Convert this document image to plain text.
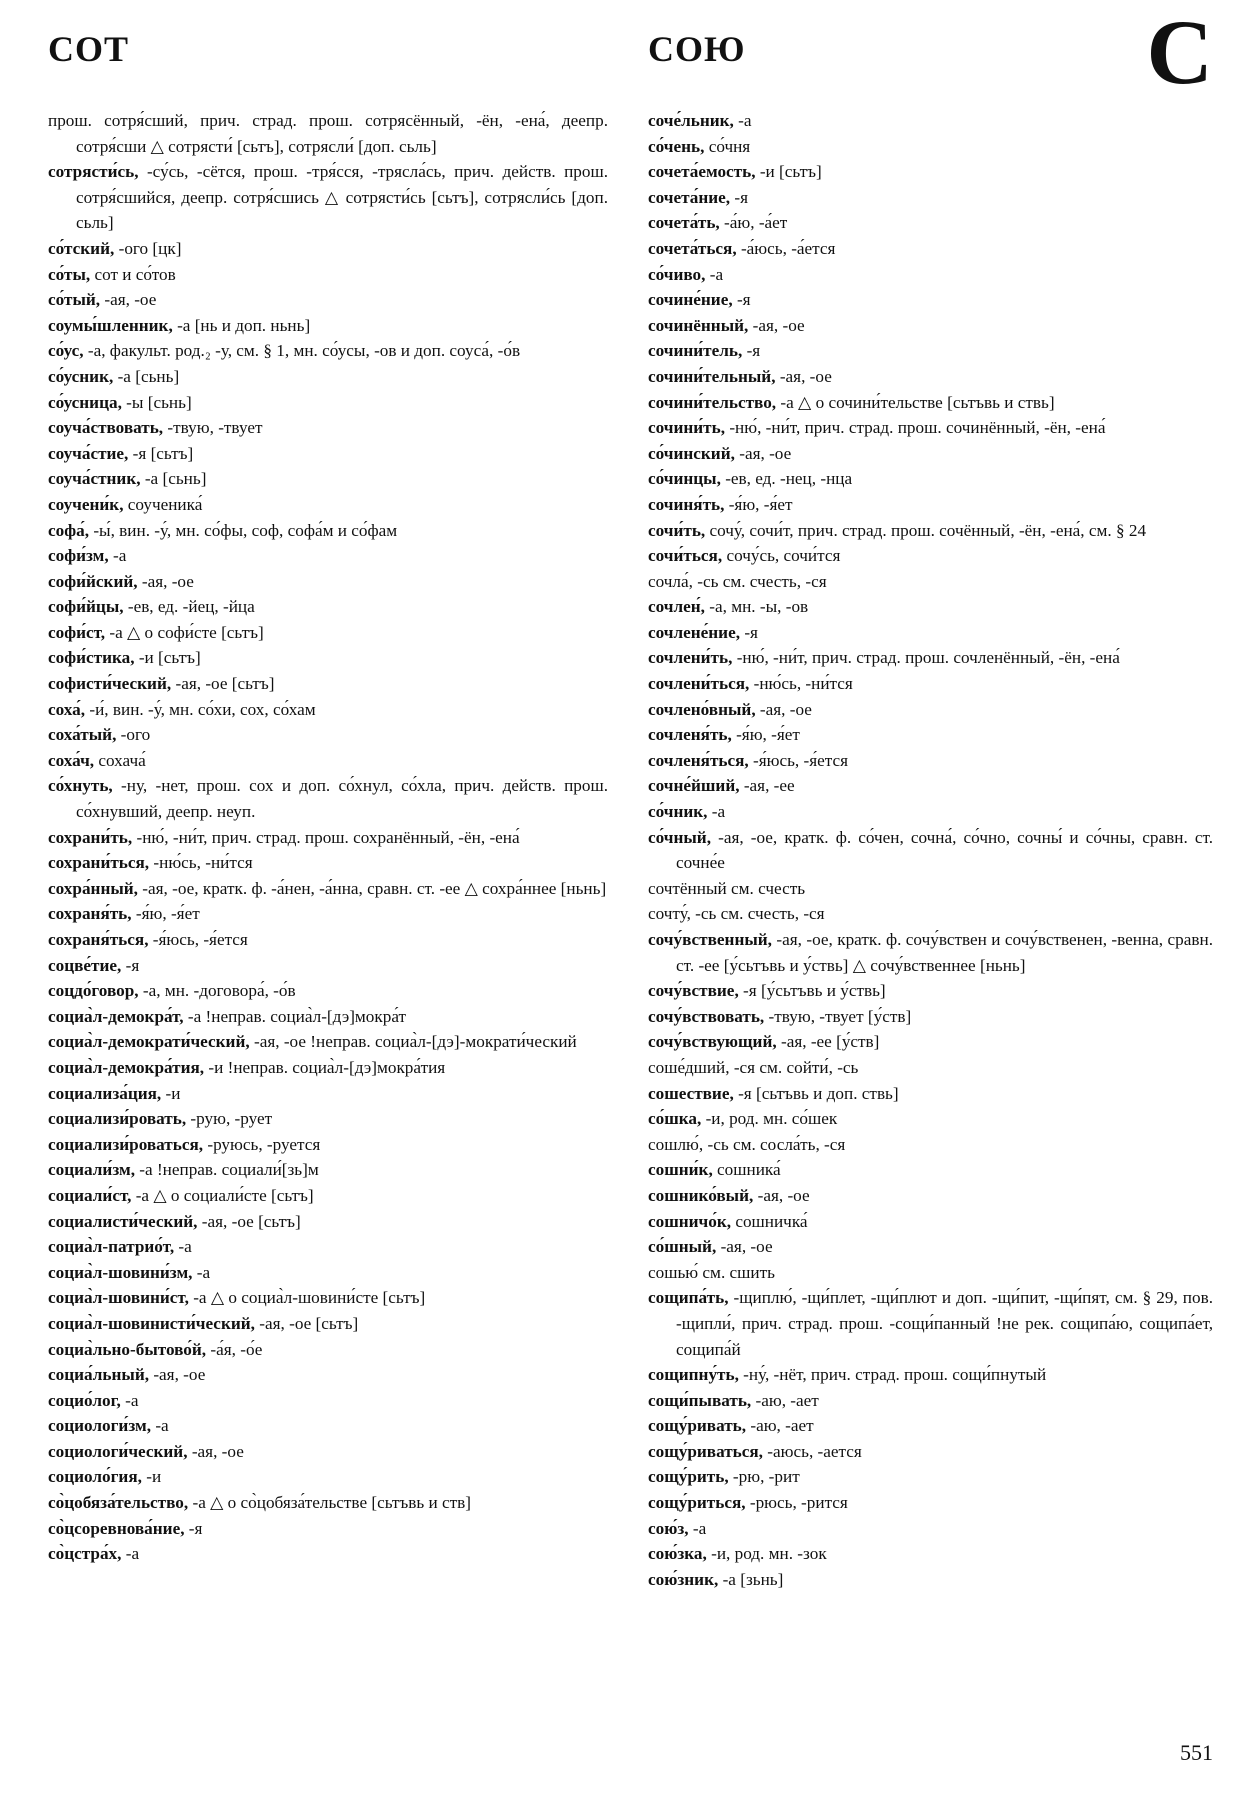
СОТ	СОЮ	С
прош. сотря́сший, прич. страд. прош. сотрясённый, -ён, -ена́, деепр. сотря́сши △ сотрясти́ [сьтъ], сотрясли́ [доп. сьль]
сотрясти́сь, -су́сь, -сётся, прош. -тря́сся, -трясла́сь, прич. действ. прош. сотря́сшийся, деепр. сотря́сшись △ сотрясти́сь [сьтъ], сотрясли́сь [доп. сьль]
со́тский, -ого [цк]
со́ты, сот и со́тов
со́тый, -ая, -ое
соумы́шленник, -а [нь и доп. ньнь]
со́ус, -а, факульт. род.₂ -у, см. § 1, мн. со́усы, -ов и доп. соуса́, -о́в
со́усник, -а [сьнь]
со́усница, -ы [сьнь]
соуча́ствовать, -твую, -твует
соуча́стие, -я [сьтъ]
соуча́стник, -а [сьнь]
соучени́к, соученика́
софа́, -ы́, вин. -у́, мн. со́фы, соф, софа́м и со́фам
софи́зм, -а
софи́йский, -ая, -ое
софи́йцы, -ев, ед. -йец, -йца
софи́ст, -а △ о софи́сте [сьтъ]
софи́стика, -и [сьтъ]
софисти́ческий, -ая, -ое [сьтъ]
соха́, -и́, вин. -у́, мн. со́хи, сох, со́хам
соха́тый, -ого
соха́ч, сохача́
со́хнуть, -ну, -нет, прош. сох и доп. со́хнул, со́хла, прич. действ. прош. со́хнувший, деепр. неуп.
сохрани́ть, -ню́, -ни́т, прич. страд. прош. сохранённый, -ён, -ена́
сохрани́ться, -ню́сь, -ни́тся
сохра́нный, -ая, -ое, кратк. ф. -а́нен, -а́нна, сравн. ст. -ее △ сохра́ннее [ньнь]
сохраня́ть, -я́ю, -я́ет
сохраня́ться, -я́юсь, -я́ется
соцве́тие, -я
соцдо́говор, -а, мн. -договора́, -о́в
социа̀л-демокра́т, -а !неправ. социа̀л-[дэ]мокра́т
социа̀л-демократи́ческий, -ая, -ое !неправ. социа̀л-[дэ]-мократи́ческий
социа̀л-демокра́тия, -и !неправ. социа̀л-[дэ]мокра́тия
социализа́ция, -и
социализи́ровать, -рую, -рует
социализи́роваться, -руюсь, -руется
социали́зм, -а !неправ. социали́[зь]м
социали́ст, -а △ о социали́сте [сьтъ]
социалисти́ческий, -ая, -ое [сьтъ]
социа̀л-патрио́т, -а
социа̀л-шовини́зм, -а
социа̀л-шовини́ст, -а △ о социа̀л-шовини́сте [сьтъ]
социа̀л-шовинисти́ческий, -ая, -ое [сьтъ]
социа̀льно-бытово́й, -а́я, -о́е
социа́льный, -ая, -ое
социо́лог, -а
социологи́зм, -а
социологи́ческий, -ая, -ое
социоло́гия, -и
со̀цобяза́тельство, -а △ о со̀цобяза́тельстве [сьтъвь и ств]
со̀цсоревнова́ние, -я
со̀цстра́х, -а
соче́льник, -а
со́чень, со́чня
сочета́емость, -и [сьтъ]
сочета́ние, -я
сочета́ть, -а́ю, -а́ет
сочета́ться, -а́юсь, -а́ется
со́чиво, -а
сочине́ние, -я
сочинённый, -ая, -ое
сочини́тель, -я
сочини́тельный, -ая, -ое
сочини́тельство, -а △ о сочини́тельстве [сьтъвь и ствь]
сочини́ть, -ню́, -ни́т, прич. страд. прош. сочинённый, -ён, -ена́
со́чинский, -ая, -ое
со́чинцы, -ев, ед. -нец, -нца
сочиня́ть, -я́ю, -я́ет
сочи́ть, сочу́, сочи́т, прич. страд. прош. сочённый, -ён, -ена́, см. § 24
сочи́ться, сочу́сь, сочи́тся
сочла́, -сь см. счесть, -ся
сочлен́, -а, мн. -ы, -ов
сочлене́ние, -я
сочлени́ть, -ню́, -ни́т, прич. страд. прош. сочленённый, -ён, -ена́
сочлени́ться, -ню́сь, -ни́тся
сочлено́вный, -ая, -ое
сочленя́ть, -я́ю, -я́ет
сочленя́ться, -я́юсь, -я́ется
сочне́йший, -ая, -ее
со́чник, -а
со́чный, -ая, -ое, кратк. ф. со́чен, сочна́, со́чно, сочны́ и со́чны, сравн. ст. сочне́е
сочтённый см. счесть
сочту́, -сь см. счесть, -ся
сочу́вственный, -ая, -ое, кратк. ф. сочу́вствен и сочу́вственен, -венна, сравн. ст. -ее [у́сьтъвь и у́ствь] △ сочу́вственнее [ньнь]
сочу́вствие, -я [у́сьтъвь и у́ствь]
сочу́вствовать, -твую, -твует [у́ств]
сочу́вствующий, -ая, -ее [у́ств]
соше́дший, -ся см. сойти́, -сь
сошествие, -я [сьтъвь и доп. ствь]
со́шка, -и, род. мн. со́шек
сошлю́, -сь см. сосла́ть, -ся
сошни́к, сошника́
сошнико́вый, -ая, -ое
сошничо́к, сошничка́
со́шный, -ая, -ое
сошью́ см. сшить
сощипа́ть, -щиплю́, -щи́плет, -щи́плют и доп. -щи́пит, -щи́пят, см. § 29, пов. -щипли́, прич. страд. прош. -сощи́панный !не рек. сощипа́ю, сощипа́ет, сощипа́й
сощипну́ть, -ну́, -нёт, прич. страд. прош. сощи́пнутый
сощи́пывать, -аю, -ает
сощу́ривать, -аю, -ает
сощу́риваться, -аюсь, -ается
сощу́рить, -рю, -рит
сощу́риться, -рюсь, -рится
сою́з, -а
сою́зка, -и, род. мн. -зок
сою́зник, -а [зьнь]
551
